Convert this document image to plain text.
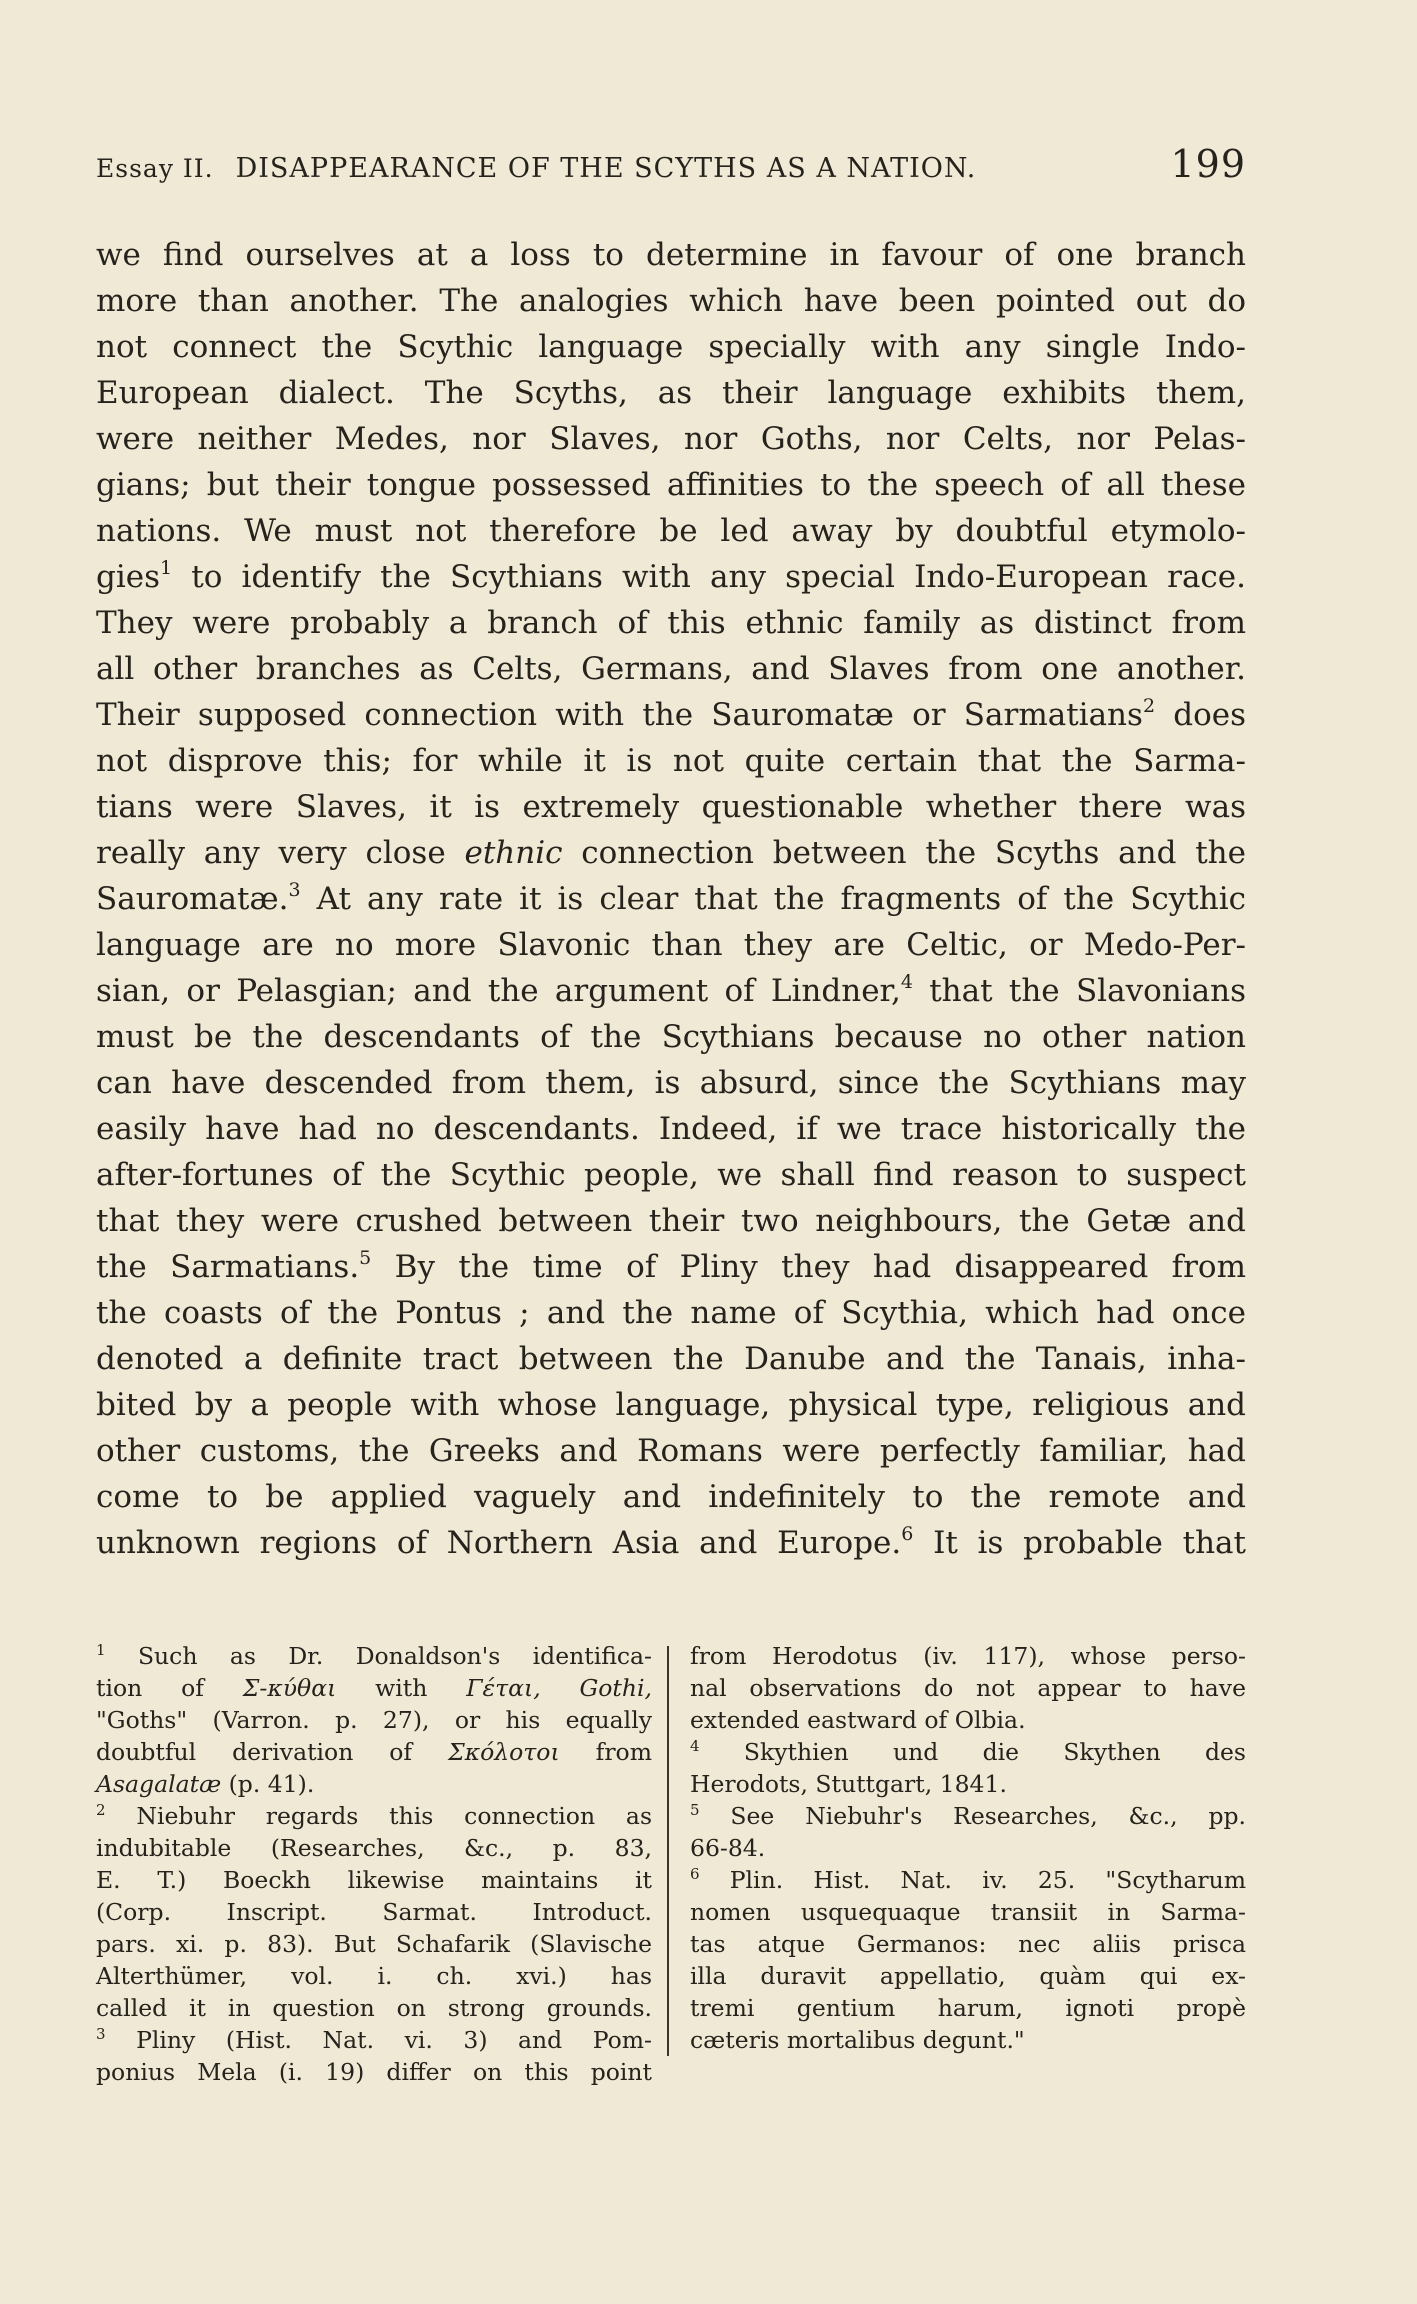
Essay II. DISAPPEARANCE OF THE SCYTHS AS A NATION.	199
we find ourselves at a loss to determine in favour of one branch
more than another. The analogies which have been pointed out do
not connect the Scythic language specially with any single Indo-
European dialect. The Scyths, as their language exhibits them,
were neither Medes, nor Slaves, nor Goths, nor Celts, nor Pelas-
gians; but their tongue possessed affinities to the speech of all these
nations. We must not therefore be led away by doubtful etymolo-
gies$^1$ to identify the Scythians with any special Indo-European race.
They were probably a branch of this ethnic family as distinct from
all other branches as Celts, Germans, and Slaves from one another.
Their supposed connection with the Sauromatæ or Sarmatians$^2$ does
not disprove this; for while it is not quite certain that the Sarma-
tians were Slaves, it is extremely questionable whether there was
really any very close ethnic connection between the Scyths and the
Sauromatæ.$^3$ At any rate it is clear that the fragments of the Scythic
language are no more Slavonic than they are Celtic, or Medo-Per-
sian, or Pelasgian; and the argument of Lindner,$^4$ that the Slavonians
must be the descendants of the Scythians because no other nation
can have descended from them, is absurd, since the Scythians may
easily have had no descendants. Indeed, if we trace historically the
after-fortunes of the Scythic people, we shall find reason to suspect
that they were crushed between their two neighbours, the Getæ and
the Sarmatians.$^5$ By the time of Pliny they had disappeared from
the coasts of the Pontus ; and the name of Scythia, which had once
denoted a definite tract between the Danube and the Tanais, inha-
bited by a people with whose language, physical type, religious and
other customs, the Greeks and Romans were perfectly familiar, had
come to be applied vaguely and indefinitely to the remote and
unknown regions of Northern Asia and Europe.$^6$ It is probable that
$^1$ Such as Dr. Donaldson's identifica-
tion of Σ-κύθαι with Γέται, Gothi,
"Goths" (Varron. p. 27), or his equally
doubtful derivation of Σκόλοτοι from
Asagalatæ (p. 41).
$^2$ Niebuhr regards this connection as
indubitable (Researches, &c., p. 83,
E. T.) Boeckh likewise maintains it
(Corp. Inscript. Sarmat. Introduct.
pars. xi. p. 83). But Schafarik (Slavische
Alterthümer, vol. i. ch. xvi.) has
called it in question on strong grounds.
$^3$ Pliny (Hist. Nat. vi. 3) and Pom-
ponius Mela (i. 19) differ on this point
from Herodotus (iv. 117), whose perso-
nal observations do not appear to have
extended eastward of Olbia.
$^4$ Skythien und die Skythen des
Herodots, Stuttgart, 1841.
$^5$ See Niebuhr's Researches, &c., pp.
66-84.
$^6$ Plin. Hist. Nat. iv. 25. "Scytharum
nomen usquequaque transiit in Sarma-
tas atque Germanos: nec aliis prisca
illa duravit appellatio, quàm qui ex-
tremi gentium harum, ignoti propè
cæteris mortalibus degunt."
